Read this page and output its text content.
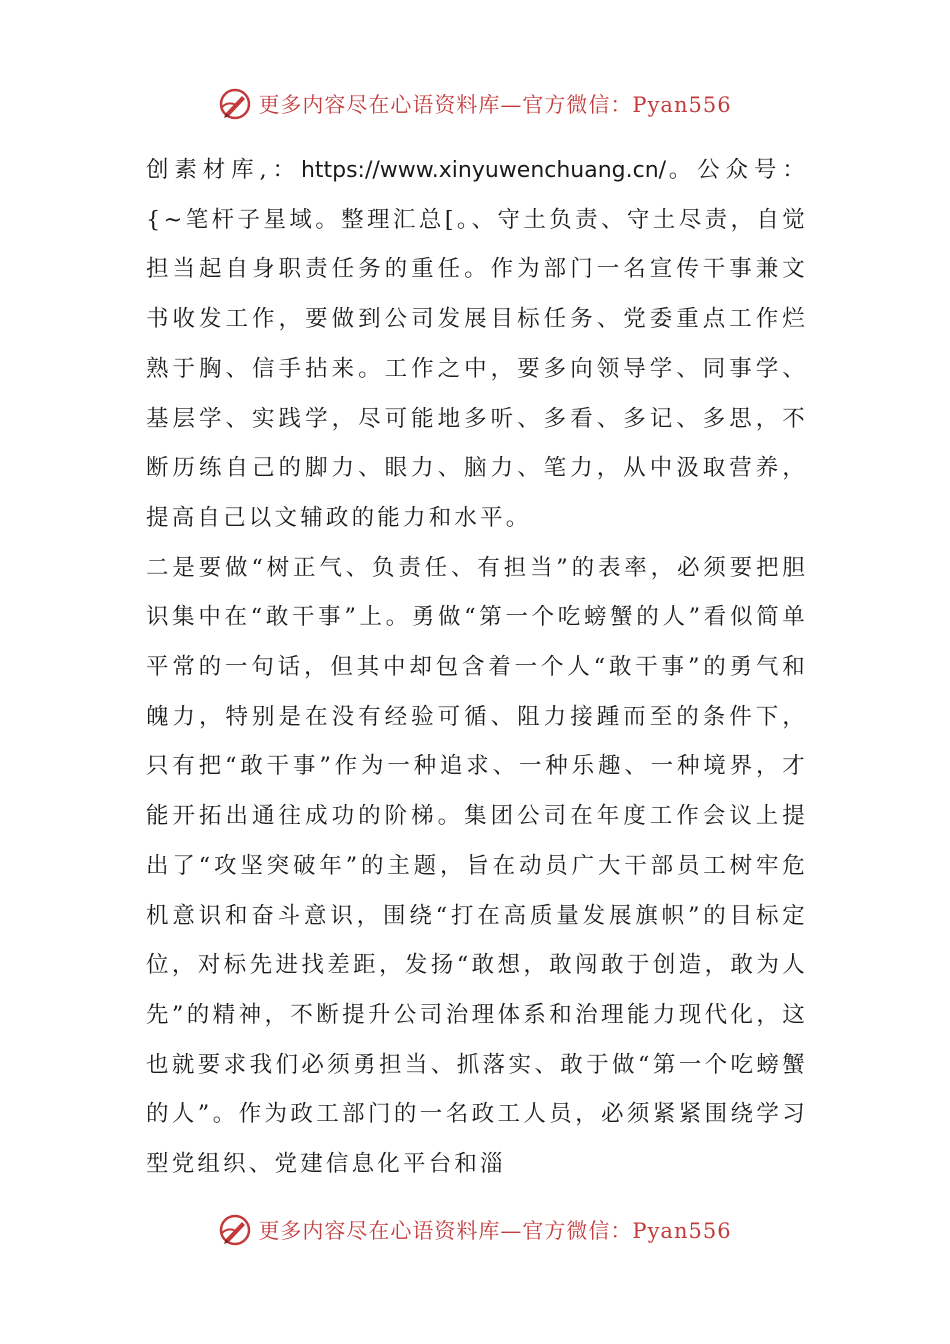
更多内容尽在心语资料库—官方微信：Pyan556

创素材库,：https://www.xinyuwenchuang.cn/。公众号：{~笔杆子星域。整理汇总[。、守土负责、守土尽责，自觉担当起自身职责任务的重任。作为部门一名宣传干事兼文书收发工作，要做到公司发展目标任务、党委重点工作烂熟于胸、信手拈来。工作之中，要多向领导学、同事学、基层学、实践学，尽可能地多听、多看、多记、多思，不断历练自己的脚力、眼力、脑力、笔力，从中汲取营养，提高自己以文辅政的能力和水平。

二是要做“树正气、负责任、有担当”的表率，必须要把胆识集中在“敢干事”上。勇做“第一个吃螃蟹的人”看似简单平常的一句话，但其中却包含着一个人“敢干事”的勇气和魄力，特别是在没有经验可循、阻力接踵而至的条件下，只有把“敢干事”作为一种追求、一种乐趣、一种境界，才能开拓出通往成功的阶梯。集团公司在年度工作会议上提出了“攻坚突破年”的主题，旨在动员广大干部员工树牢危机意识和奋斗意识，围绕“打在高质量发展旗帜”的目标定位，对标先进找差距，发扬“敢想，敢闯敢于创造，敢为人先”的精神，不断提升公司治理体系和治理能力现代化，这也就要求我们必须勇担当、抓落实、敢于做“第一个吃螃蟹的人”。作为政工部门的一名政工人员，必须紧紧围绕学习型党组织、党建信息化平台和淄

更多内容尽在心语资料库—官方微信：Pyan556
